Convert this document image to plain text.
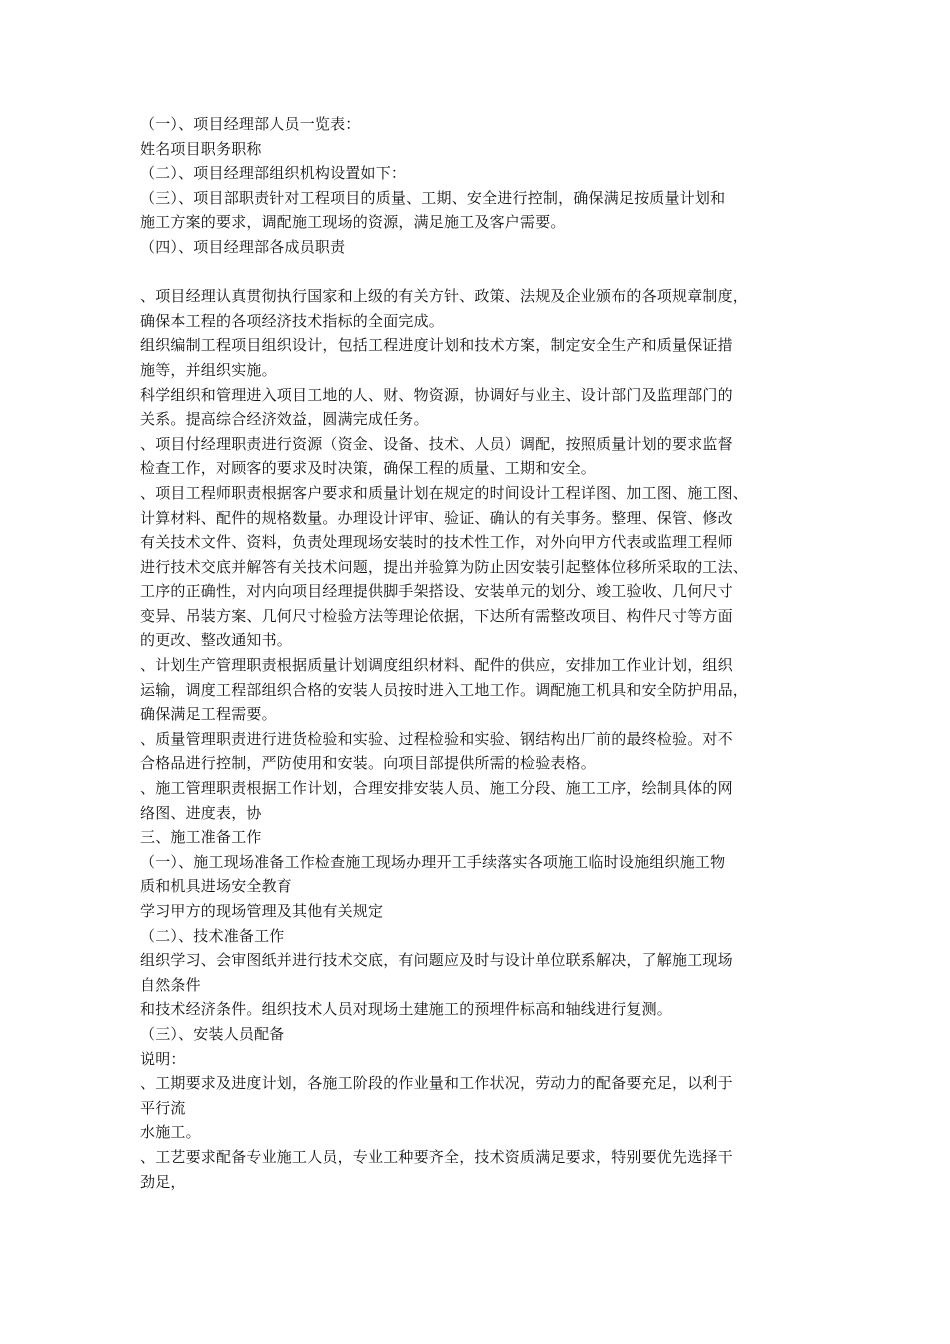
（一）、项目经理部人员一览表：
姓名项目职务职称
（二）、项目经理部组织机构设置如下：
（三）、项目部职责针对工程项目的质量、工期、安全进行控制，确保满足按质量计划和
施工方案的要求，调配施工现场的资源，满足施工及客户需要。
（四）、项目经理部各成员职责
、项目经理认真贯彻执行国家和上级的有关方针、政策、法规及企业颁布的各项规章制度，
确保本工程的各项经济技术指标的全面完成。
组织编制工程项目组织设计，包括工程进度计划和技术方案，制定安全生产和质量保证措
施等，并组织实施。
科学组织和管理进入项目工地的人、财、物资源，协调好与业主、设计部门及监理部门的
关系。提高综合经济效益，圆满完成任务。
、项目付经理职责进行资源（资金、设备、技术、人员）调配，按照质量计划的要求监督
检查工作，对顾客的要求及时决策，确保工程的质量、工期和安全。
、项目工程师职责根据客户要求和质量计划在规定的时间设计工程详图、加工图、施工图、
计算材料、配件的规格数量。办理设计评审、验证、确认的有关事务。整理、保管、修改
有关技术文件、资料，负责处理现场安装时的技术性工作，对外向甲方代表或监理工程师
进行技术交底并解答有关技术问题，提出并验算为防止因安装引起整体位移所采取的工法、
工序的正确性，对内向项目经理提供脚手架搭设、安装单元的划分、竣工验收、几何尺寸
变异、吊装方案、几何尺寸检验方法等理论依据，下达所有需整改项目、构件尺寸等方面
的更改、整改通知书。
、计划生产管理职责根据质量计划调度组织材料、配件的供应，安排加工作业计划，组织
运输，调度工程部组织合格的安装人员按时进入工地工作。调配施工机具和安全防护用品，
确保满足工程需要。
、质量管理职责进行进货检验和实验、过程检验和实验、钢结构出厂前的最终检验。对不
合格品进行控制，严防使用和安装。向项目部提供所需的检验表格。
、施工管理职责根据工作计划，合理安排安装人员、施工分段、施工工序，绘制具体的网
络图、进度表，协
三、施工准备工作
（一）、施工现场准备工作检查施工现场办理开工手续落实各项施工临时设施组织施工物
质和机具进场安全教育
学习甲方的现场管理及其他有关规定
（二）、技术准备工作
组织学习、会审图纸并进行技术交底，有问题应及时与设计单位联系解决，了解施工现场
自然条件
和技术经济条件。组织技术人员对现场土建施工的预埋件标高和轴线进行复测。
（三）、安装人员配备
说明：
、工期要求及进度计划，各施工阶段的作业量和工作状况，劳动力的配备要充足，以利于
平行流
水施工。
、工艺要求配备专业施工人员，专业工种要齐全，技术资质满足要求，特别要优先选择干
劲足，
